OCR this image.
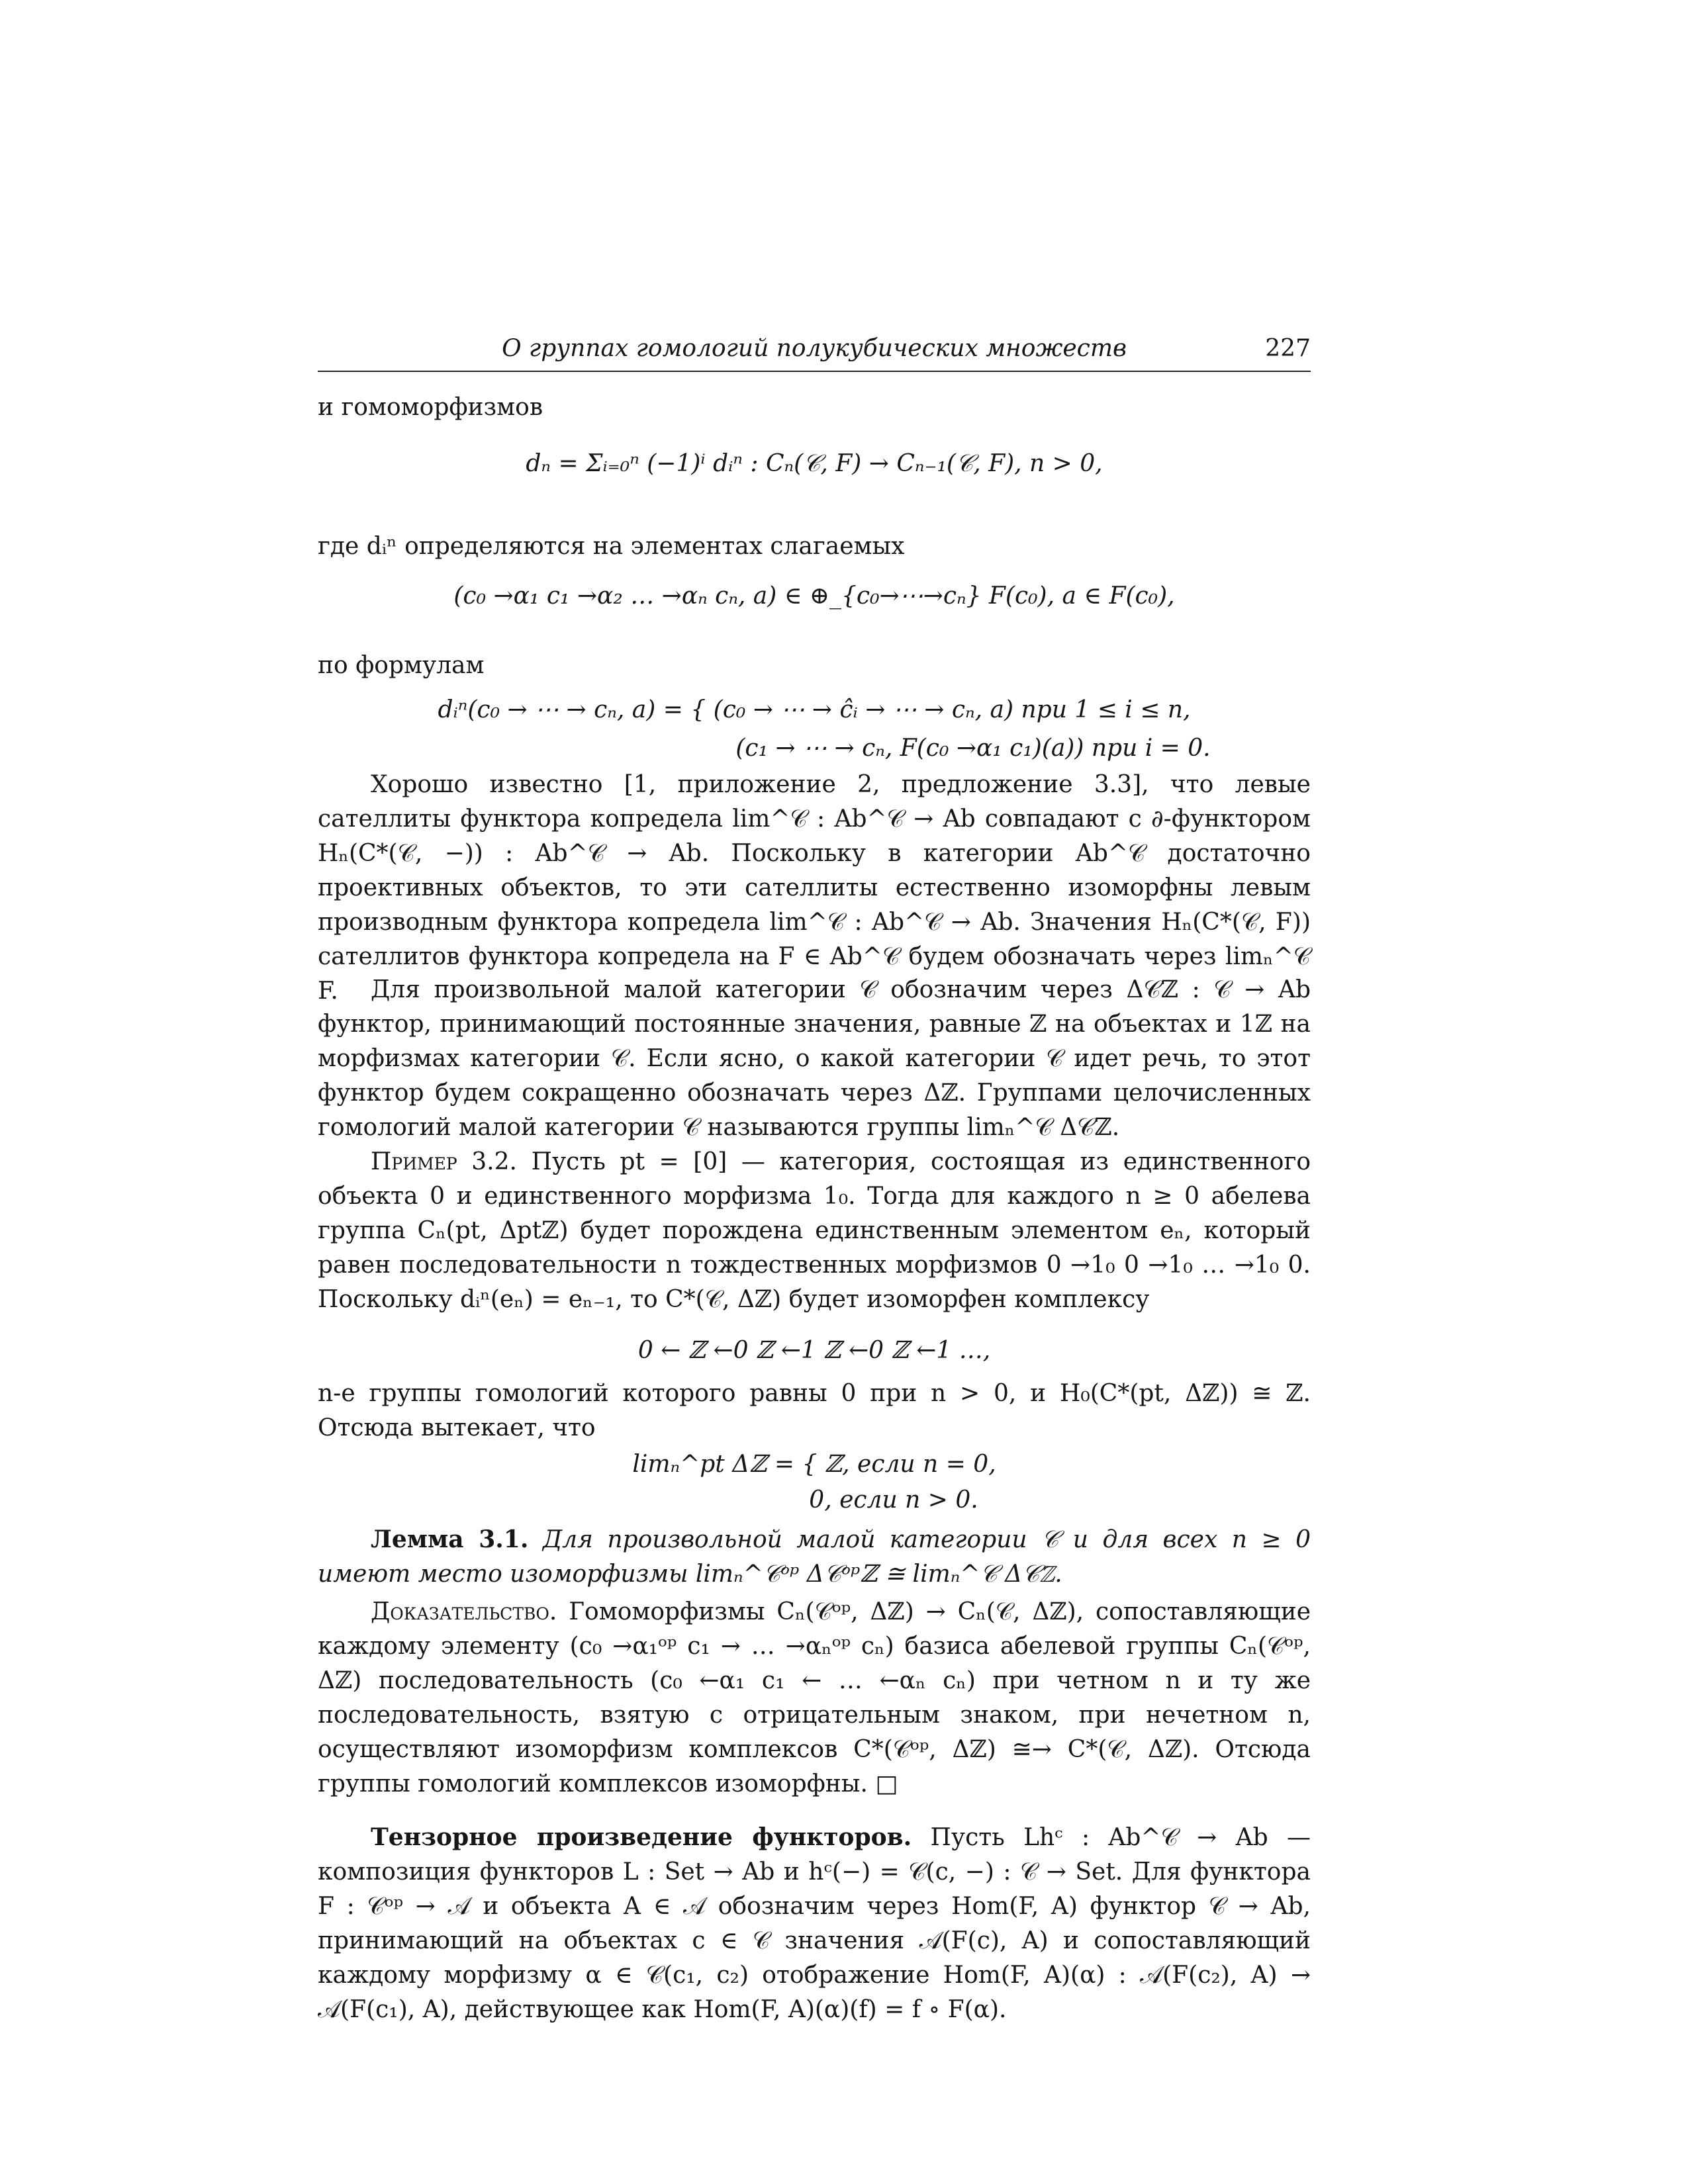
О группах гомологий полукубических множеств	227
и гомоморфизмов
dₙ = Σᵢ₌₀ⁿ (−1)ⁱ dᵢⁿ : Cₙ(𝒞, F) → Cₙ₋₁(𝒞, F), n > 0,
где dᵢⁿ определяются на элементах слагаемых
(c₀ →α₁ c₁ →α₂ … →αₙ cₙ, a) ∈ ⊕_{c₀→⋯→cₙ} F(c₀), a ∈ F(c₀),
по формулам
dᵢⁿ(c₀ → ⋯ → cₙ, a) = { (c₀ → ⋯ → ĉᵢ → ⋯ → cₙ, a) при 1 ≤ i ≤ n,
(c₁ → ⋯ → cₙ, F(c₀ →α₁ c₁)(a)) при i = 0.
Хорошо известно [1, приложение 2, предложение 3.3], что левые сателлиты функтора копредела lim^𝒞 : Ab^𝒞 → Ab совпадают с ∂-функтором Hₙ(C*(𝒞, −)) : Ab^𝒞 → Ab. Поскольку в категории Ab^𝒞 достаточно проективных объектов, то эти сателлиты естественно изоморфны левым производным функтора копредела lim^𝒞 : Ab^𝒞 → Ab. Значения Hₙ(C*(𝒞, F)) сателлитов функтора копредела на F ∈ Ab^𝒞 будем обозначать через limₙ^𝒞 F.	Для произвольной малой категории 𝒞 обозначим через Δ𝒞ℤ : 𝒞 → Ab функтор, принимающий постоянные значения, равные ℤ на объектах и 1ℤ на морфизмах категории 𝒞. Если ясно, о какой категории 𝒞 идет речь, то этот функтор будем сокращенно обозначать через Δℤ. Группами целочисленных гомологий малой категории 𝒞 называются группы limₙ^𝒞 Δ𝒞ℤ.
Пример 3.2. Пусть pt = [0] — категория, состоящая из единственного объекта 0 и единственного морфизма 1₀. Тогда для каждого n ≥ 0 абелева группа Cₙ(pt, Δptℤ) будет порождена единственным элементом eₙ, который равен последовательности n тождественных морфизмов 0 →1₀ 0 →1₀ … →1₀ 0. Поскольку dᵢⁿ(eₙ) = eₙ₋₁, то C*(𝒞, Δℤ) будет изоморфен комплексу
0 ← ℤ ←0 ℤ ←1 ℤ ←0 ℤ ←1 …,
n-е группы гомологий которого равны 0 при n > 0, и H₀(C*(pt, Δℤ)) ≅ ℤ. Отсюда вытекает, что
limₙ^pt Δℤ = { ℤ, если n = 0,
0, если n > 0.
Лемма 3.1. Для произвольной малой категории 𝒞 и для всех n ≥ 0 имеют место изоморфизмы limₙ^𝒞ᵒᵖ Δ𝒞ᵒᵖℤ ≅ limₙ^𝒞 Δ𝒞ℤ.
Доказательство. Гомоморфизмы Cₙ(𝒞ᵒᵖ, Δℤ) → Cₙ(𝒞, Δℤ), сопоставляющие каждому элементу (c₀ →α₁ᵒᵖ c₁ → … →αₙᵒᵖ cₙ) базиса абелевой группы Cₙ(𝒞ᵒᵖ, Δℤ) последовательность (c₀ ←α₁ c₁ ← … ←αₙ cₙ) при четном n и ту же последовательность, взятую с отрицательным знаком, при нечетном n, осуществляют изоморфизм комплексов C*(𝒞ᵒᵖ, Δℤ) ≅→ C*(𝒞, Δℤ). Отсюда группы гомологий комплексов изоморфны. □
Тензорное произведение функторов. Пусть Lhᶜ : Ab^𝒞 → Ab — композиция функторов L : Set → Ab и hᶜ(−) = 𝒞(c, −) : 𝒞 → Set. Для функтора F : 𝒞ᵒᵖ → 𝒜 и объекта A ∈ 𝒜 обозначим через Hom(F, A) функтор 𝒞 → Ab, принимающий на объектах c ∈ 𝒞 значения 𝒜(F(c), A) и сопоставляющий каждому морфизму α ∈ 𝒞(c₁, c₂) отображение Hom(F, A)(α) : 𝒜(F(c₂), A) → 𝒜(F(c₁), A), действующее как Hom(F, A)(α)(f) = f ∘ F(α).
